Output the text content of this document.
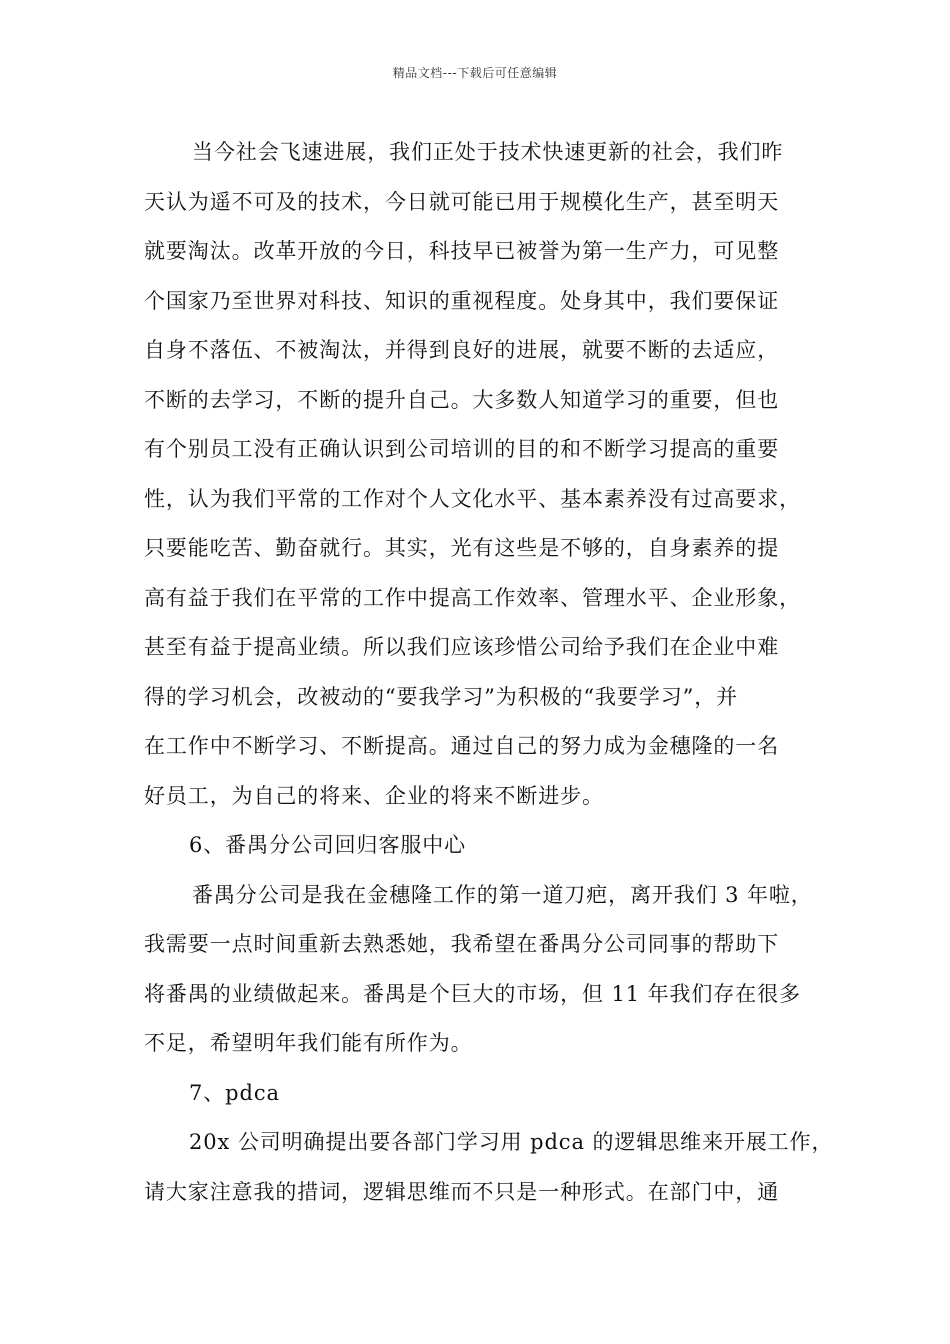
精品文档---下载后可任意编辑
当今社会飞速进展，我们正处于技术快速更新的社会，我们昨
天认为遥不可及的技术，今日就可能已用于规模化生产，甚至明天
就要淘汰。改革开放的今日，科技早已被誉为第一生产力，可见整
个国家乃至世界对科技、知识的重视程度。处身其中，我们要保证
自身不落伍、不被淘汰，并得到良好的进展，就要不断的去适应，
不断的去学习，不断的提升自己。大多数人知道学习的重要，但也
有个别员工没有正确认识到公司培训的目的和不断学习提高的重要
性，认为我们平常的工作对个人文化水平、基本素养没有过高要求，
只要能吃苦、勤奋就行。其实，光有这些是不够的，自身素养的提
高有益于我们在平常的工作中提高工作效率、管理水平、企业形象，
甚至有益于提高业绩。所以我们应该珍惜公司给予我们在企业中难
得的学习机会，改被动的“要我学习”为积极的“我要学习”，并
在工作中不断学习、不断提高。通过自己的努力成为金穗隆的一名
好员工，为自己的将来、企业的将来不断进步。
6、番禺分公司回归客服中心
番禺分公司是我在金穗隆工作的第一道刀疤，离开我们 3 年啦，
我需要一点时间重新去熟悉她，我希望在番禺分公司同事的帮助下
将番禺的业绩做起来。番禺是个巨大的市场，但 11 年我们存在很多
不足，希望明年我们能有所作为。
7、pdca
20x 公司明确提出要各部门学习用 pdca 的逻辑思维来开展工作，
请大家注意我的措词，逻辑思维而不只是一种形式。在部门中，通
